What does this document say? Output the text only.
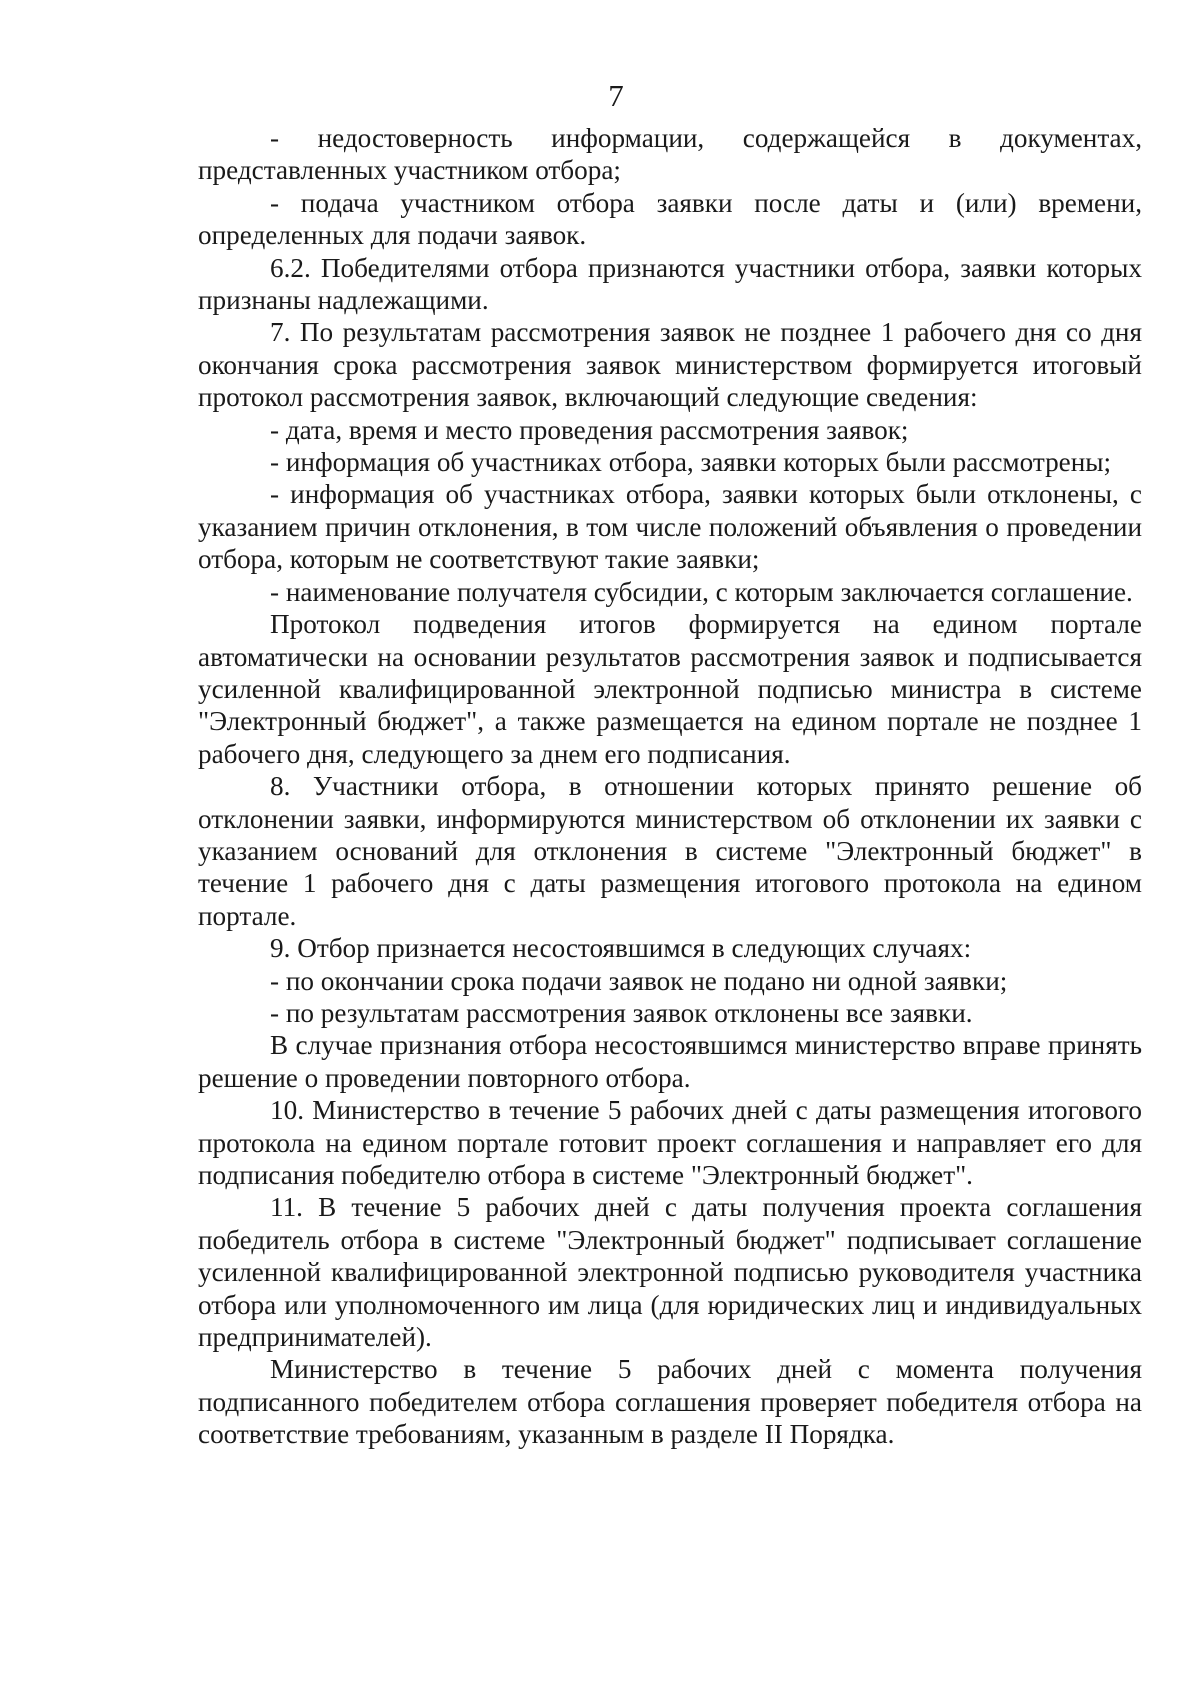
7

- недостоверность информации, содержащейся в документах, представленных участником отбора;

- подача участником отбора заявки после даты и (или) времени, определенных для подачи заявок.

6.2. Победителями отбора признаются участники отбора, заявки которых признаны надлежащими.

7. По результатам рассмотрения заявок не позднее 1 рабочего дня со дня окончания срока рассмотрения заявок министерством формируется итоговый протокол рассмотрения заявок, включающий следующие сведения:

- дата, время и место проведения рассмотрения заявок;

- информация об участниках отбора, заявки которых были рассмотрены;

- информация об участниках отбора, заявки которых были отклонены, с указанием причин отклонения, в том числе положений объявления о проведении отбора, которым не соответствуют такие заявки;

- наименование получателя субсидии, с которым заключается соглашение.

Протокол подведения итогов формируется на едином портале автоматически на основании результатов рассмотрения заявок и подписывается усиленной квалифицированной электронной подписью министра в системе "Электронный бюджет", а также размещается на едином портале не позднее 1 рабочего дня, следующего за днем его подписания.

8. Участники отбора, в отношении которых принято решение об отклонении заявки, информируются министерством об отклонении их заявки с указанием оснований для отклонения в системе "Электронный бюджет" в течение 1 рабочего дня с даты размещения итогового протокола на едином портале.

9. Отбор признается несостоявшимся в следующих случаях:

- по окончании срока подачи заявок не подано ни одной заявки;

- по результатам рассмотрения заявок отклонены все заявки.

В случае признания отбора несостоявшимся министерство вправе принять решение о проведении повторного отбора.

10. Министерство в течение 5 рабочих дней с даты размещения итогового протокола на едином портале готовит проект соглашения и направляет его для подписания победителю отбора в системе "Электронный бюджет".

11. В течение 5 рабочих дней с даты получения проекта соглашения победитель отбора в системе "Электронный бюджет" подписывает соглашение усиленной квалифицированной электронной подписью руководителя участника отбора или уполномоченного им лица (для юридических лиц и индивидуальных предпринимателей).

Министерство в течение 5 рабочих дней с момента получения подписанного победителем отбора соглашения проверяет победителя отбора на соответствие требованиям, указанным в разделе II Порядка.
